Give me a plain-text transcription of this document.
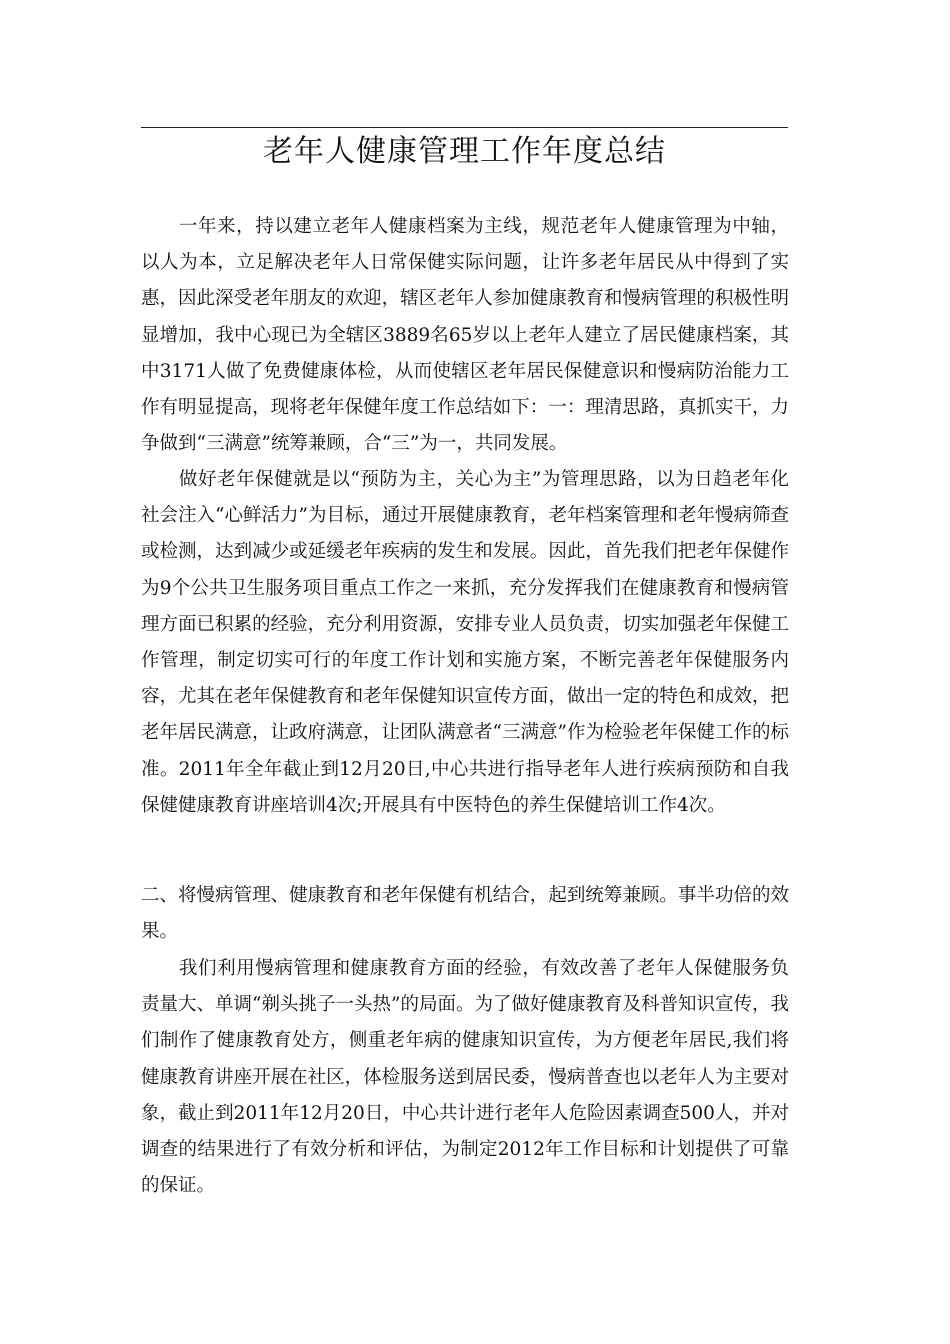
老年人健康管理工作年度总结

一年来，持以建立老年人健康档案为主线，规范老年人健康管理为中轴，以人为本，立足解决老年人日常保健实际问题，让许多老年居民从中得到了实惠，因此深受老年朋友的欢迎，辖区老年人参加健康教育和慢病管理的积极性明显增加，我中心现已为全辖区3889名65岁以上老年人建立了居民健康档案，其中3171人做了免费健康体检，从而使辖区老年居民保健意识和慢病防治能力工作有明显提高，现将老年保健年度工作总结如下：一：理清思路，真抓实干，力争做到“三满意”统筹兼顾，合“三”为一，共同发展。

做好老年保健就是以“预防为主，关心为主”为管理思路，以为日趋老年化社会注入“心鲜活力”为目标，通过开展健康教育，老年档案管理和老年慢病筛查或检测，达到减少或延缓老年疾病的发生和发展。因此，首先我们把老年保健作为9个公共卫生服务项目重点工作之一来抓，充分发挥我们在健康教育和慢病管理方面已积累的经验，充分利用资源，安排专业人员负责，切实加强老年保健工作管理，制定切实可行的年度工作计划和实施方案，不断完善老年保健服务内容，尤其在老年保健教育和老年保健知识宣传方面，做出一定的特色和成效，把老年居民满意，让政府满意，让团队满意者“三满意”作为检验老年保健工作的标准。2011年全年截止到12月20日,中心共进行指导老年人进行疾病预防和自我保健健康教育讲座培训4次;开展具有中医特色的养生保健培训工作4次。

二、将慢病管理、健康教育和老年保健有机结合，起到统筹兼顾。事半功倍的效果。

我们利用慢病管理和健康教育方面的经验，有效改善了老年人保健服务负责量大、单调“剃头挑子一头热”的局面。为了做好健康教育及科普知识宣传，我们制作了健康教育处方，侧重老年病的健康知识宣传，为方便老年居民,我们将健康教育讲座开展在社区，体检服务送到居民委，慢病普查也以老年人为主要对象，截止到2011年12月20日，中心共计进行老年人危险因素调查500人，并对调查的结果进行了有效分析和评估，为制定2012年工作目标和计划提供了可靠的保证。
